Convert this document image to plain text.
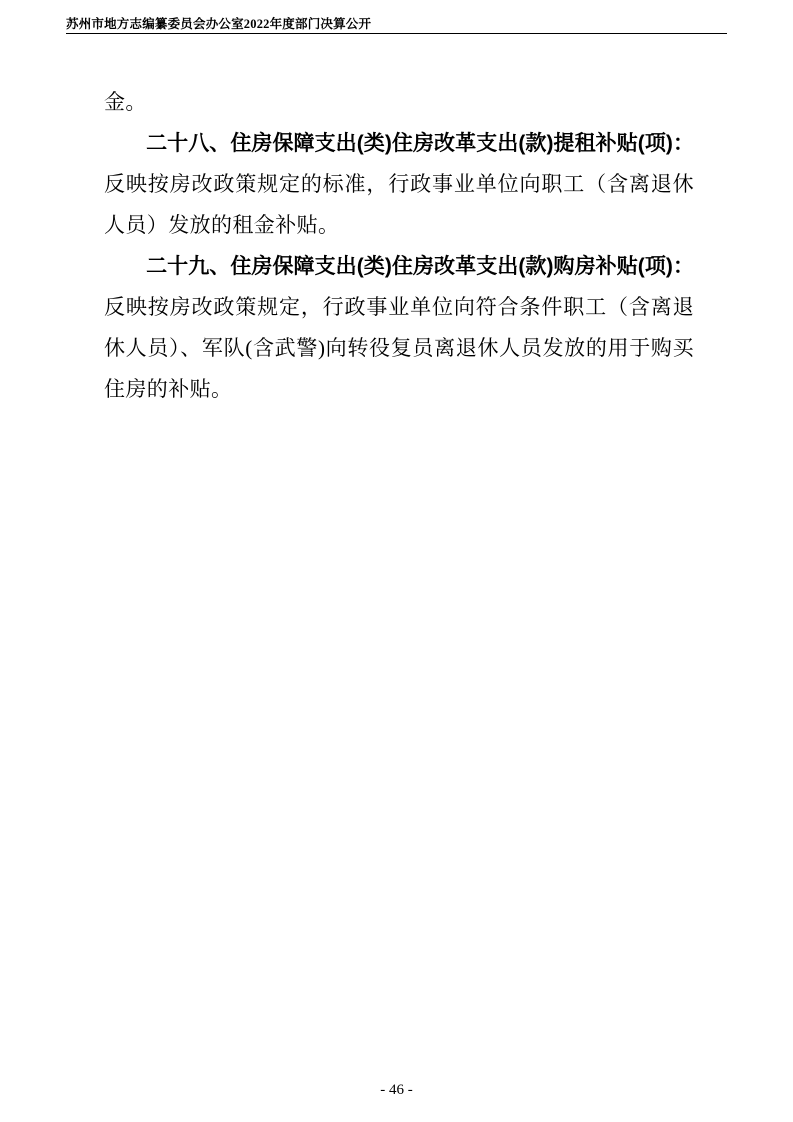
苏州市地方志编纂委员会办公室2022年度部门决算公开

金。

二十八、住房保障支出(类)住房改革支出(款)提租补贴(项)：反映按房改政策规定的标准，行政事业单位向职工（含离退休人员）发放的租金补贴。

二十九、住房保障支出(类)住房改革支出(款)购房补贴(项)：反映按房改政策规定，行政事业单位向符合条件职工（含离退休人员）、军队(含武警)向转役复员离退休人员发放的用于购买住房的补贴。

- 46 -
